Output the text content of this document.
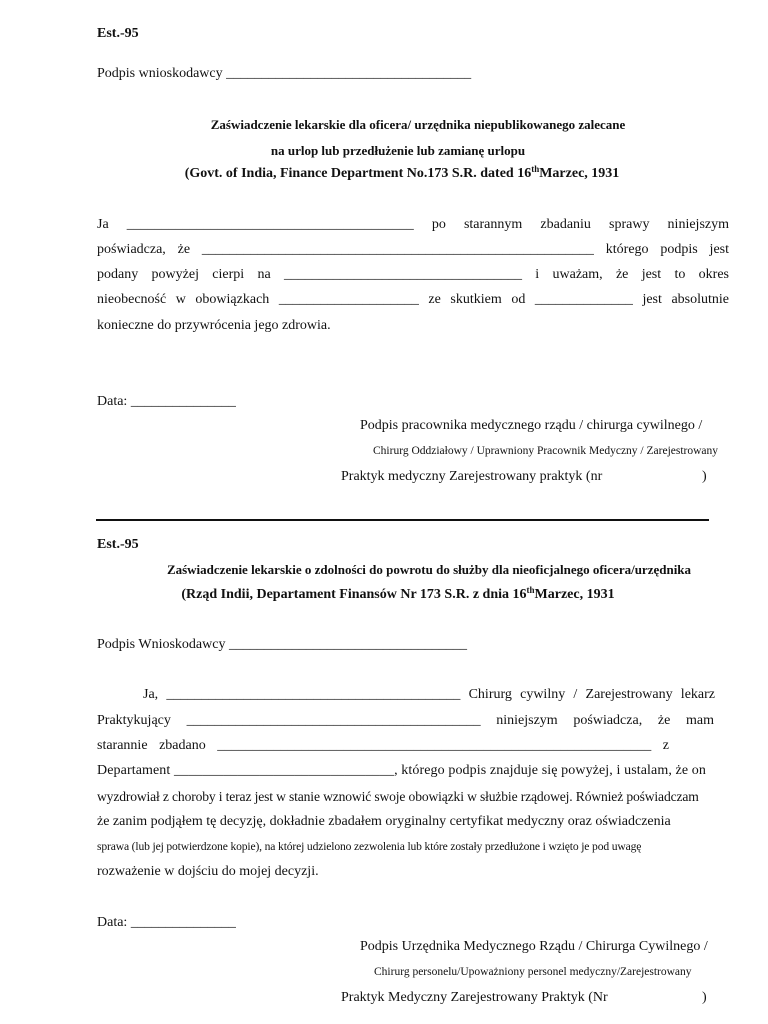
Est.-95
Podpis wnioskodawcy ___________________________________
Zaświadczenie lekarskie dla oficera/ urzędnika niepublikowanego zalecane
na urlop lub przedłużenie lub zamianę urlopu
(Govt. of India, Finance Department No.173 S.R. dated 16thMarzec, 1931
Ja _________________________________________ po starannym zbadaniu sprawy niniejszym
poświadcza, że ________________________________________________________ którego podpis jest
podany powyżej cierpi na __________________________________ i uważam, że jest to okres
nieobecność w obowiązkach ____________________ ze skutkiem od ______________ jest absolutnie
konieczne do przywrócenia jego zdrowia.
Data: _______________
Podpis pracownika medycznego rządu / chirurga cywilnego /
Chirurg Oddziałowy / Uprawniony Pracownik Medyczny / Zarejestrowany
Praktyk medyczny Zarejestrowany praktyk (nr	)
Est.-95
Zaświadczenie lekarskie o zdolności do powrotu do służby dla nieoficjalnego oficera/urzędnika
(Rząd Indii, Departament Finansów Nr 173 S.R. z dnia 16thMarzec, 1931
Podpis Wnioskodawcy __________________________________
Ja, __________________________________________ Chirurg cywilny / Zarejestrowany lekarz
Praktykujący __________________________________________ niniejszym poświadcza, że mam
starannie zbadano ______________________________________________________________ z
Departament _______________________________, którego podpis znajduje się powyżej, i ustalam, że on
wyzdrowiał z choroby i teraz jest w stanie wznowić swoje obowiązki w służbie rządowej. Również poświadczam
że zanim podjąłem tę decyzję, dokładnie zbadałem oryginalny certyfikat medyczny oraz oświadczenia
sprawa (lub jej potwierdzone kopie), na której udzielono zezwolenia lub które zostały przedłużone i wzięto je pod uwagę
rozważenie w dojściu do mojej decyzji.
Data: _______________
Podpis Urzędnika Medycznego Rządu / Chirurga Cywilnego /
Chirurg personelu/Upoważniony personel medyczny/Zarejestrowany
Praktyk Medyczny Zarejestrowany Praktyk (Nr	)
